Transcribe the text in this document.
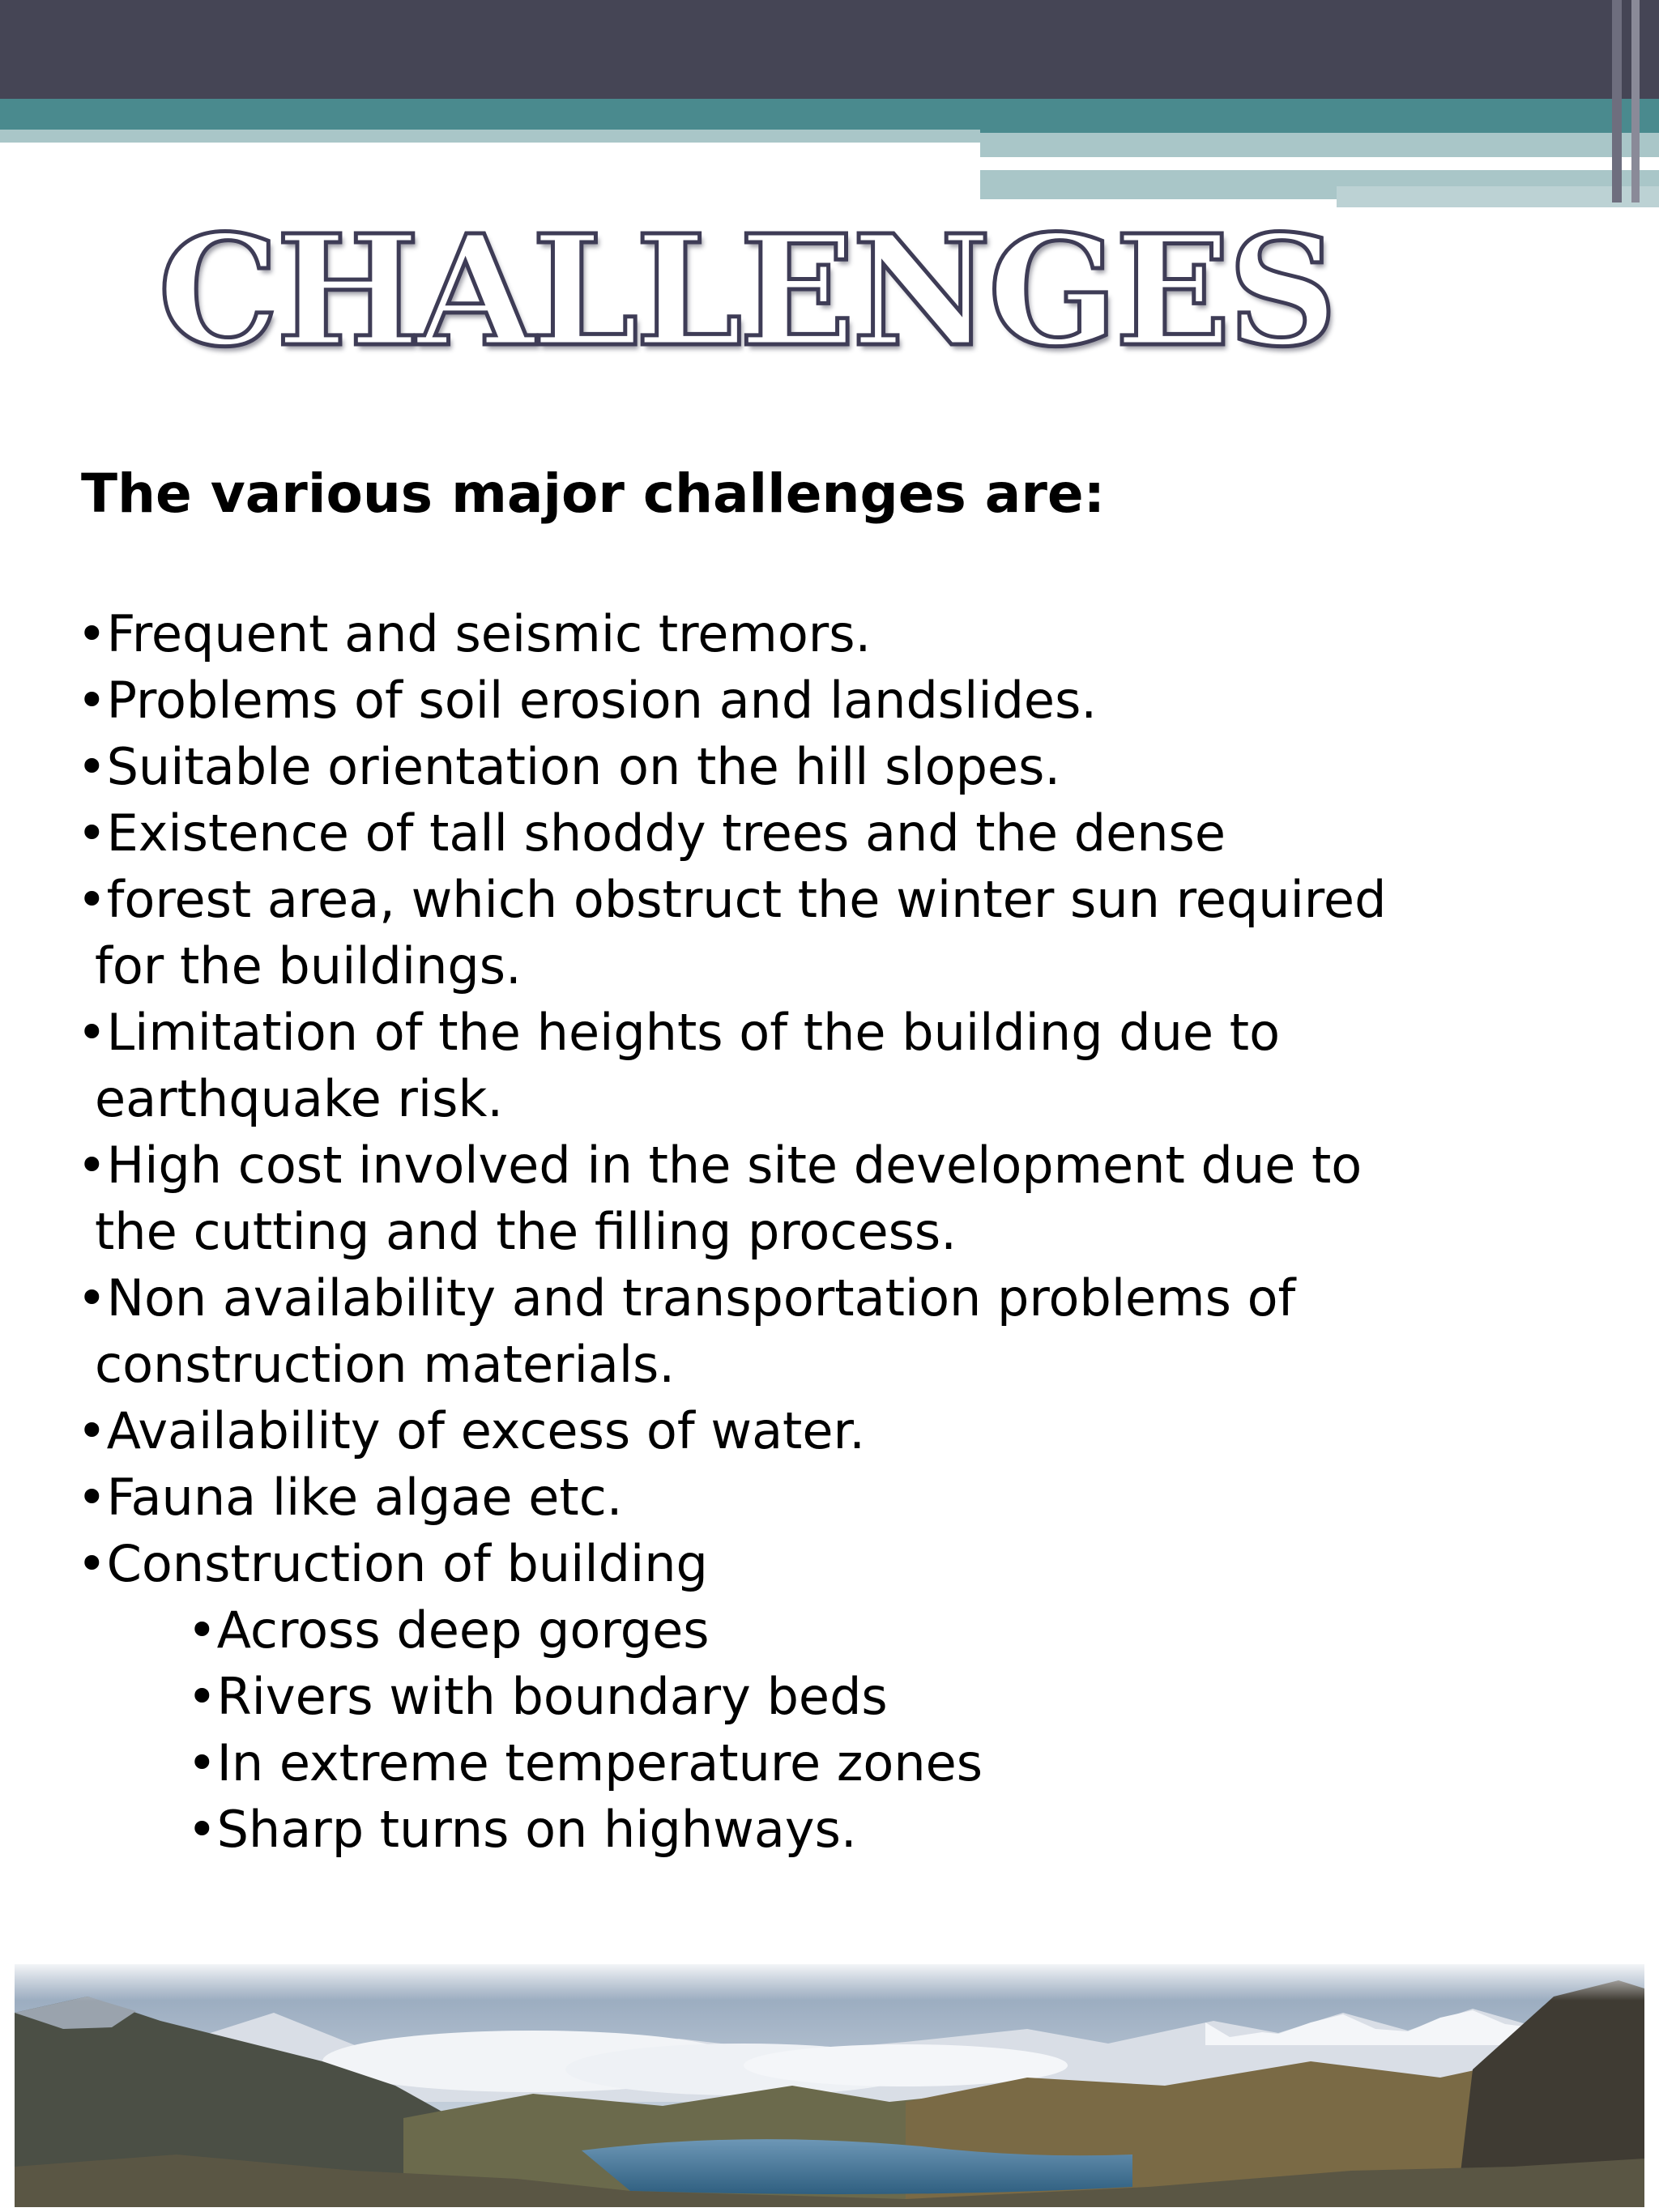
CHALLENGES

The various major challenges are:

•Frequent and seismic tremors.
•Problems of soil erosion and landslides.
•Suitable orientation on the hill slopes.
•Existence of tall shoddy trees and the dense
•forest area, which obstruct the winter sun required
for the buildings.
•Limitation of the heights of the building due to
earthquake risk.
•High cost involved in the site development due to
the cutting and the filling process.
•Non availability and transportation problems of
construction materials.
•Availability of excess of water.
•Fauna like algae etc.
•Construction of building
•Across deep gorges
•Rivers with boundary beds
•In extreme temperature zones
•Sharp turns on highways.
